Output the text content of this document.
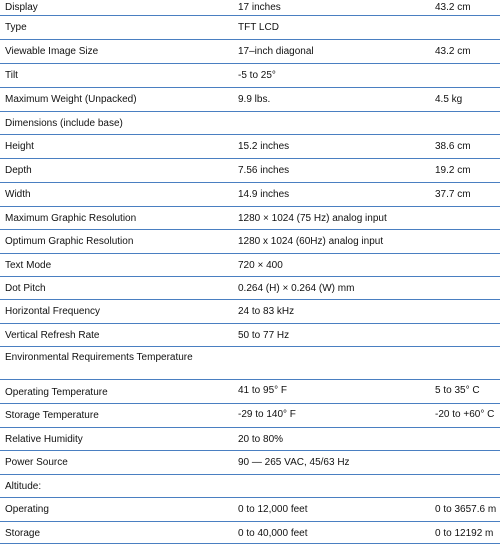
Display	17 inches	43.2 cm
Type	TFT LCD
Viewable Image Size	17–inch diagonal	43.2 cm
Tilt	-5 to 25°
Maximum Weight (Unpacked)	9.9 lbs.	4.5 kg
Dimensions (include base)
Height	15.2 inches	38.6 cm
Depth	7.56 inches	19.2 cm
Width	14.9 inches	37.7 cm
Maximum Graphic Resolution	1280 × 1024 (75 Hz) analog input
Optimum Graphic Resolution	1280 x 1024 (60Hz) analog input
Text Mode	720 × 400
Dot Pitch	0.264 (H) × 0.264 (W) mm
Horizontal Frequency	24 to 83 kHz
Vertical Refresh Rate	50 to 77 Hz
Environmental Requirements Temperature
Operating Temperature	41 to 95° F	5 to 35° C
Storage Temperature	-29 to 140° F	-20 to +60° C
Relative Humidity	20 to 80%
Power Source	90 — 265 VAC, 45/63 Hz
Altitude:
Operating	0 to 12,000 feet	0 to 3657.6 m
Storage	0 to 40,000 feet	0 to 12192 m
